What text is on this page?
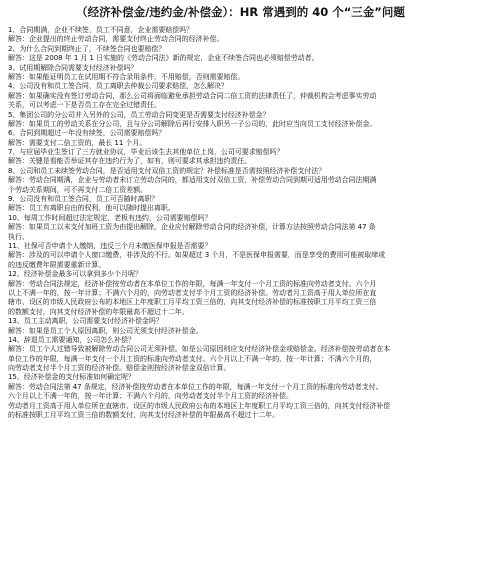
（经济补偿金/违约金/补偿金）：HR 常遇到的 40 个“三金”问题
1、合同期满，企业不续签，员工不同意，企业需要赔偿吗？
解答：企业提出的终止劳动合同，需要支付终止劳动合同的经济补偿。
2、为什么合同到期终止了，不续签合同也要赔偿？
解答：这是 2008 年 1 月 1 日实施的《劳动合同法》新的规定，企业不续签合同也必须赔偿劳动者。
3、试用期解除合同需要支付经济补偿吗？
解答：如果能证明员工在试用期不符合录用条件，不用赔偿，否则需要赔偿。
4、公司没有和员工签合同，员工离职去仲裁公司要求赔偿，怎么解决？
解答：如果确实没有签订劳动合同，那么公司将面临避免承担劳动合同二倍工资的法律责任了，仲裁机构会考虑事实劳动
关系，可以考虑一下是否员工存在完全过错责任。
5、集团公司的分公司并入另外的公司，员工劳动合同变更是否需要支付经济补偿金？
解答：如果员工的劳动关系在分公司，且与分公司解除后再行安排入职另一子公司的，此时应当向员工支付经济补偿金。
6、合同到期超过一年没有续签，公司需要赔偿吗？
解答：需要支付二倍工资的，最长 11 个月。
7、与应届毕业生签订了三方就业协议，毕业后该生去其他单位上岗，公司可要求赔偿吗？
解答：关键是看能否举证其存在违约行为了，如有，则可要求其承担违约责任。
8、公司和员工未续签劳动合同，是否适用支付双倍工资的规定？补偿标准是否需按照经济补偿支付法？
解答：劳动合同期满，企业与劳动者未订立劳动合同的，都适用支付双倍工资，补偿劳动合同到期可适用劳动合同法期满
个劳动关系期间，可不再支付二倍工资差额。
9、公司没有和员工签合同，员工可否随时离职？
解答：员工有离职自由的权利，他可以随时提出离职。
10、每周工作时间超过法定规定，老板有违约，公司需要赔偿吗？
解答：如果员工以未支付加班工资为由提出解除，企业应付解除劳动合同的经济补偿，计算方法按照劳动合同法第 47 条
执行。
11、社保可否申请个人缴纳，违反三个月未缴医保申报是否需要？
解答：涉及的可以申请个人窗口缴费，非涉及的不行。如果超过 3 个月，不是医保申报需要，而是享受的费用可能被取缔或
的违反缴费年限需要重新计算。
12、经济补偿金最多可以拿到多少个月呢？
解答：劳动合同法规定，经济补偿按劳动者在本单位工作的年限，每满一年支付一个月工资的标准向劳动者支付。六个月
以上不满一年的，按一年计算；不满六个月的，向劳动者支付半个月工资的经济补偿。劳动者月工资高于用人单位所在直
辖市、设区的市级人民政府公布的本地区上年度职工月平均工资三倍的，向其支付经济补偿的标准按职工月平均工资三倍
的数额支付，向其支付经济补偿的年限最高不超过十二年。
13、员工主动离职，公司需要支付经济补偿金吗？
解答：如果是员工个人原因离职，则公司无须支付经济补偿金。
14、辞退员工需要通知，公司怎么补偿？
解答：员工个人过错导致被解除劳动合同公司无须补偿。如是公司原因则应支付经济补偿金或赔偿金。经济补偿按劳动者在本
单位工作的年限，每满一年支付一个月工资的标准向劳动者支付。六个月以上不满一年的，按一年计算；不满六个月的，
向劳动者支付半个月工资的经济补偿。赔偿金则按经济补偿金双倍计算。
15、经济补偿金的支付标准如何确定呢？
解答：劳动合同法第 47 条规定，经济补偿按劳动者在本单位工作的年限，每满一年支付一个月工资的标准向劳动者支付。
六个月以上不满一年的，按一年计算；不满六个月的，向劳动者支付半个月工资的经济补偿。
劳动者月工资高于用人单位所在直辖市、设区的市级人民政府公布的本地区上年度职工月平均工资三倍的，向其支付经济补偿
的标准按职工月平均工资三倍的数额支付，向其支付经济补偿的年限最高不超过十二年。
